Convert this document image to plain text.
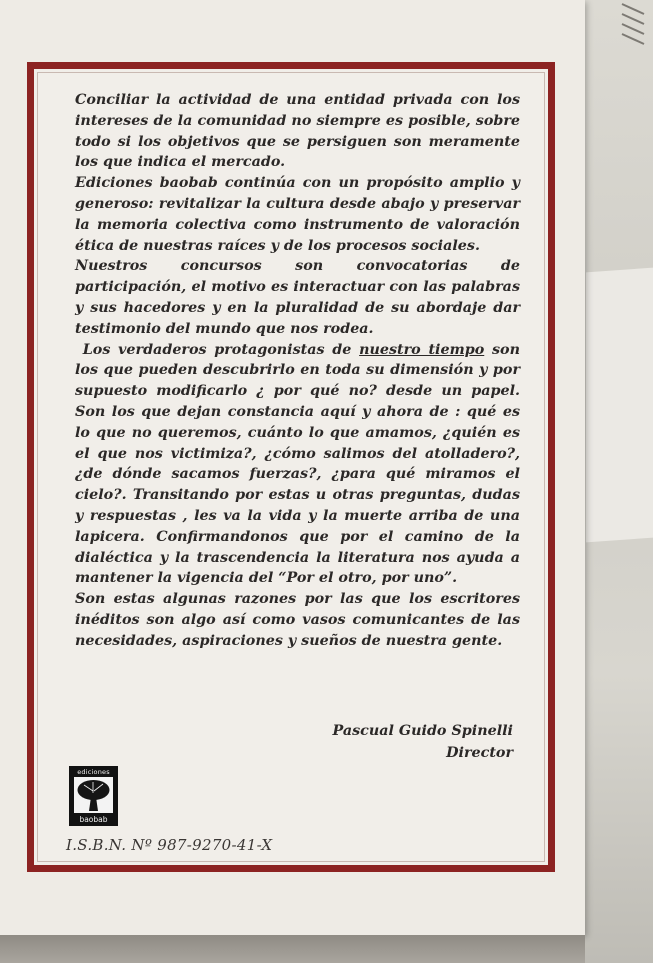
Conciliar la actividad de una entidad privada con los intereses de la comunidad no siempre es posible, sobre todo si los objetivos que se persiguen son meramente los que indica el mercado.

Ediciones baobab continúa con un propósito amplio y generoso: revitalizar la cultura desde abajo y preservar la memoria colectiva como instrumento de valoración ética de nuestras raíces y de los procesos sociales.

Nuestros concursos son convocatorias de participación, el motivo es interactuar con las palabras y sus hacedores y en la pluralidad de su abordaje dar testimonio del mundo que nos rodea.

Los verdaderos protagonistas de nuestro tiempo son los que pueden descubrirlo en toda su dimensión y por supuesto modificarlo ¿ por qué no? desde un papel. Son los que dejan constancia aquí y ahora de : qué es lo que no queremos, cuánto lo que amamos, ¿quién es el que nos victimiza?, ¿cómo salimos del atolladero?, ¿de dónde sacamos fuerzas?, ¿para qué miramos el cielo?. Transitando por estas u otras preguntas, dudas y respuestas , les va la vida y la muerte arriba de una lapicera. Confirmandonos que por el camino de la dialéctica y la trascendencia la literatura nos ayuda a mantener la vigencia del “Por el otro, por uno”.

Son estas algunas razones por las que los escritores inéditos son algo así como vasos comunicantes de las necesidades, aspiraciones y sueños de nuestra gente.

Pascual Guido Spinelli
Director
ediciones
baobab
I.S.B.N. Nº 987-9270-41-X
